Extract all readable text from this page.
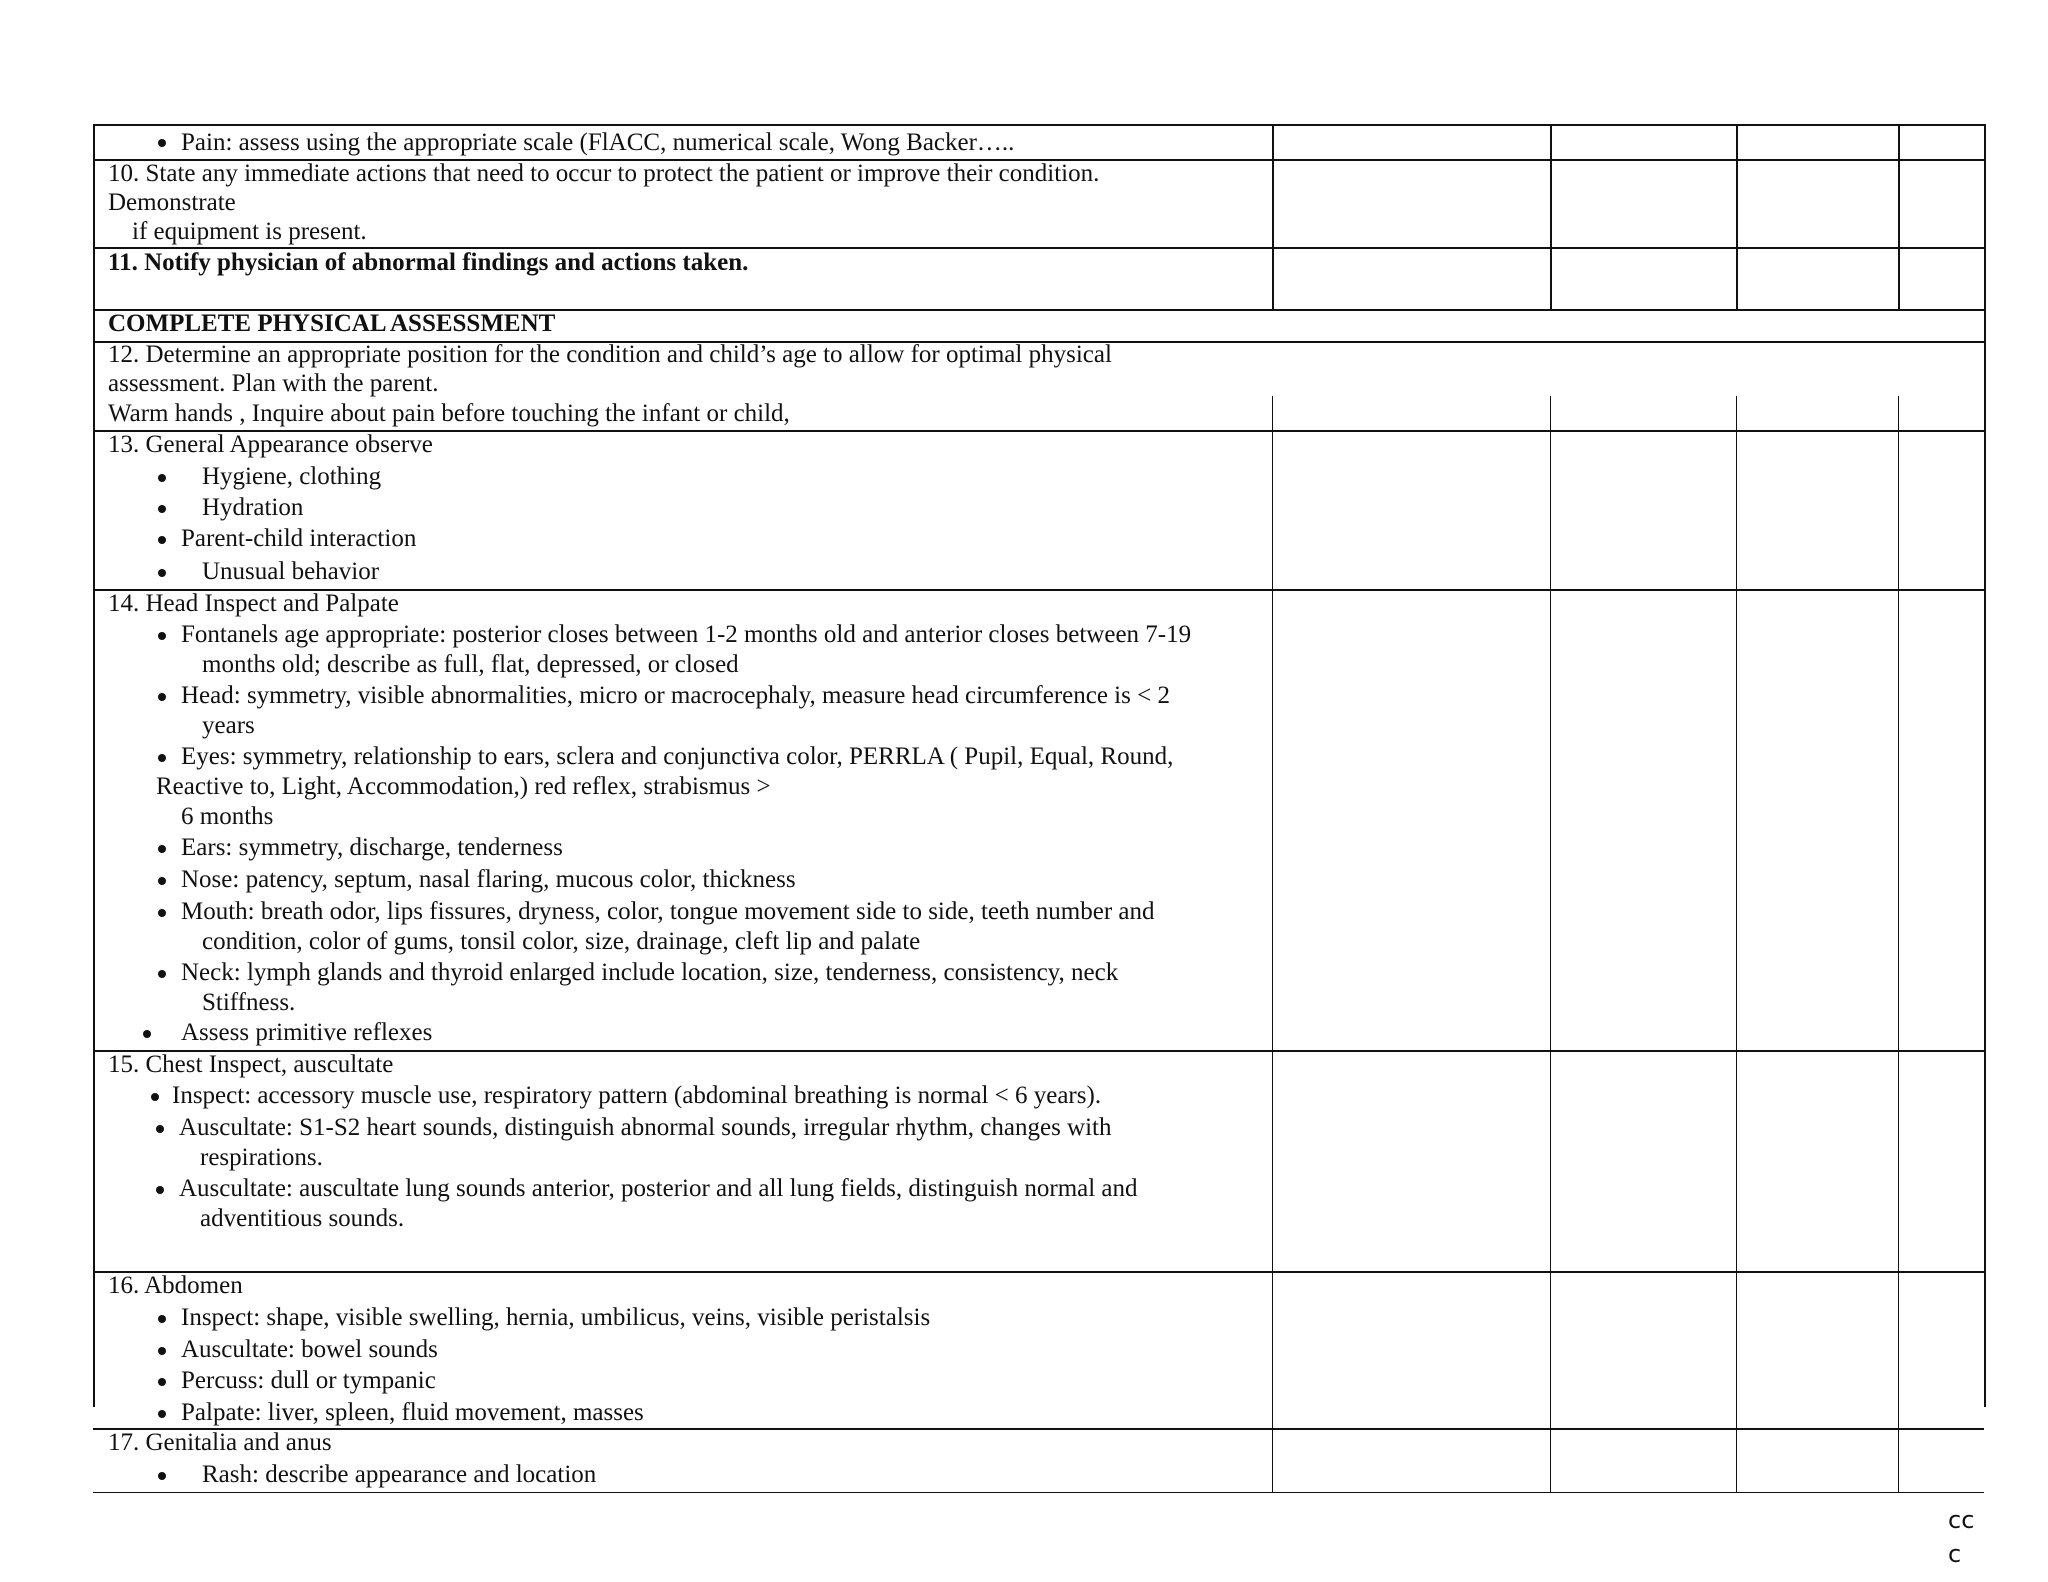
Pain: assess using the appropriate scale (FlACC, numerical scale, Wong Backer…..
10. State any immediate actions that need to occur to protect the patient or improve their condition.
Demonstrate
if equipment is present.
11. Notify physician of abnormal findings and actions taken.
COMPLETE PHYSICAL ASSESSMENT
12. Determine an appropriate position for the condition and child’s age to allow for optimal physical
assessment. Plan with the parent.
Warm hands , Inquire about pain before touching the infant or child,
13. General Appearance observe
Hygiene, clothing
Hydration
Parent-child interaction
Unusual behavior
14. Head Inspect and Palpate
Fontanels age appropriate: posterior closes between 1-2 months old and anterior closes between 7-19
months old; describe as full, flat, depressed, or closed
Head: symmetry, visible abnormalities, micro or macrocephaly, measure head circumference is < 2
years
Eyes: symmetry, relationship to ears, sclera and conjunctiva color, PERRLA ( Pupil, Equal, Round,
Reactive to, Light, Accommodation,) red reflex, strabismus >
6 months
Ears: symmetry, discharge, tenderness
Nose: patency, septum, nasal flaring, mucous color, thickness
Mouth: breath odor, lips fissures, dryness, color, tongue movement side to side, teeth number and
condition, color of gums, tonsil color, size, drainage, cleft lip and palate
Neck: lymph glands and thyroid enlarged include location, size, tenderness, consistency, neck
Stiffness.
Assess primitive reflexes
15. Chest Inspect, auscultate
Inspect: accessory muscle use, respiratory pattern (abdominal breathing is normal < 6 years).
Auscultate: S1-S2 heart sounds, distinguish abnormal sounds, irregular rhythm, changes with
respirations.
Auscultate: auscultate lung sounds anterior, posterior and all lung fields, distinguish normal and
adventitious sounds.
16. Abdomen
Inspect: shape, visible swelling, hernia, umbilicus, veins, visible peristalsis
Auscultate: bowel sounds
Percuss: dull or tympanic
Palpate: liver, spleen, fluid movement, masses
17. Genitalia and anus
Rash: describe appearance and location
cc
c
